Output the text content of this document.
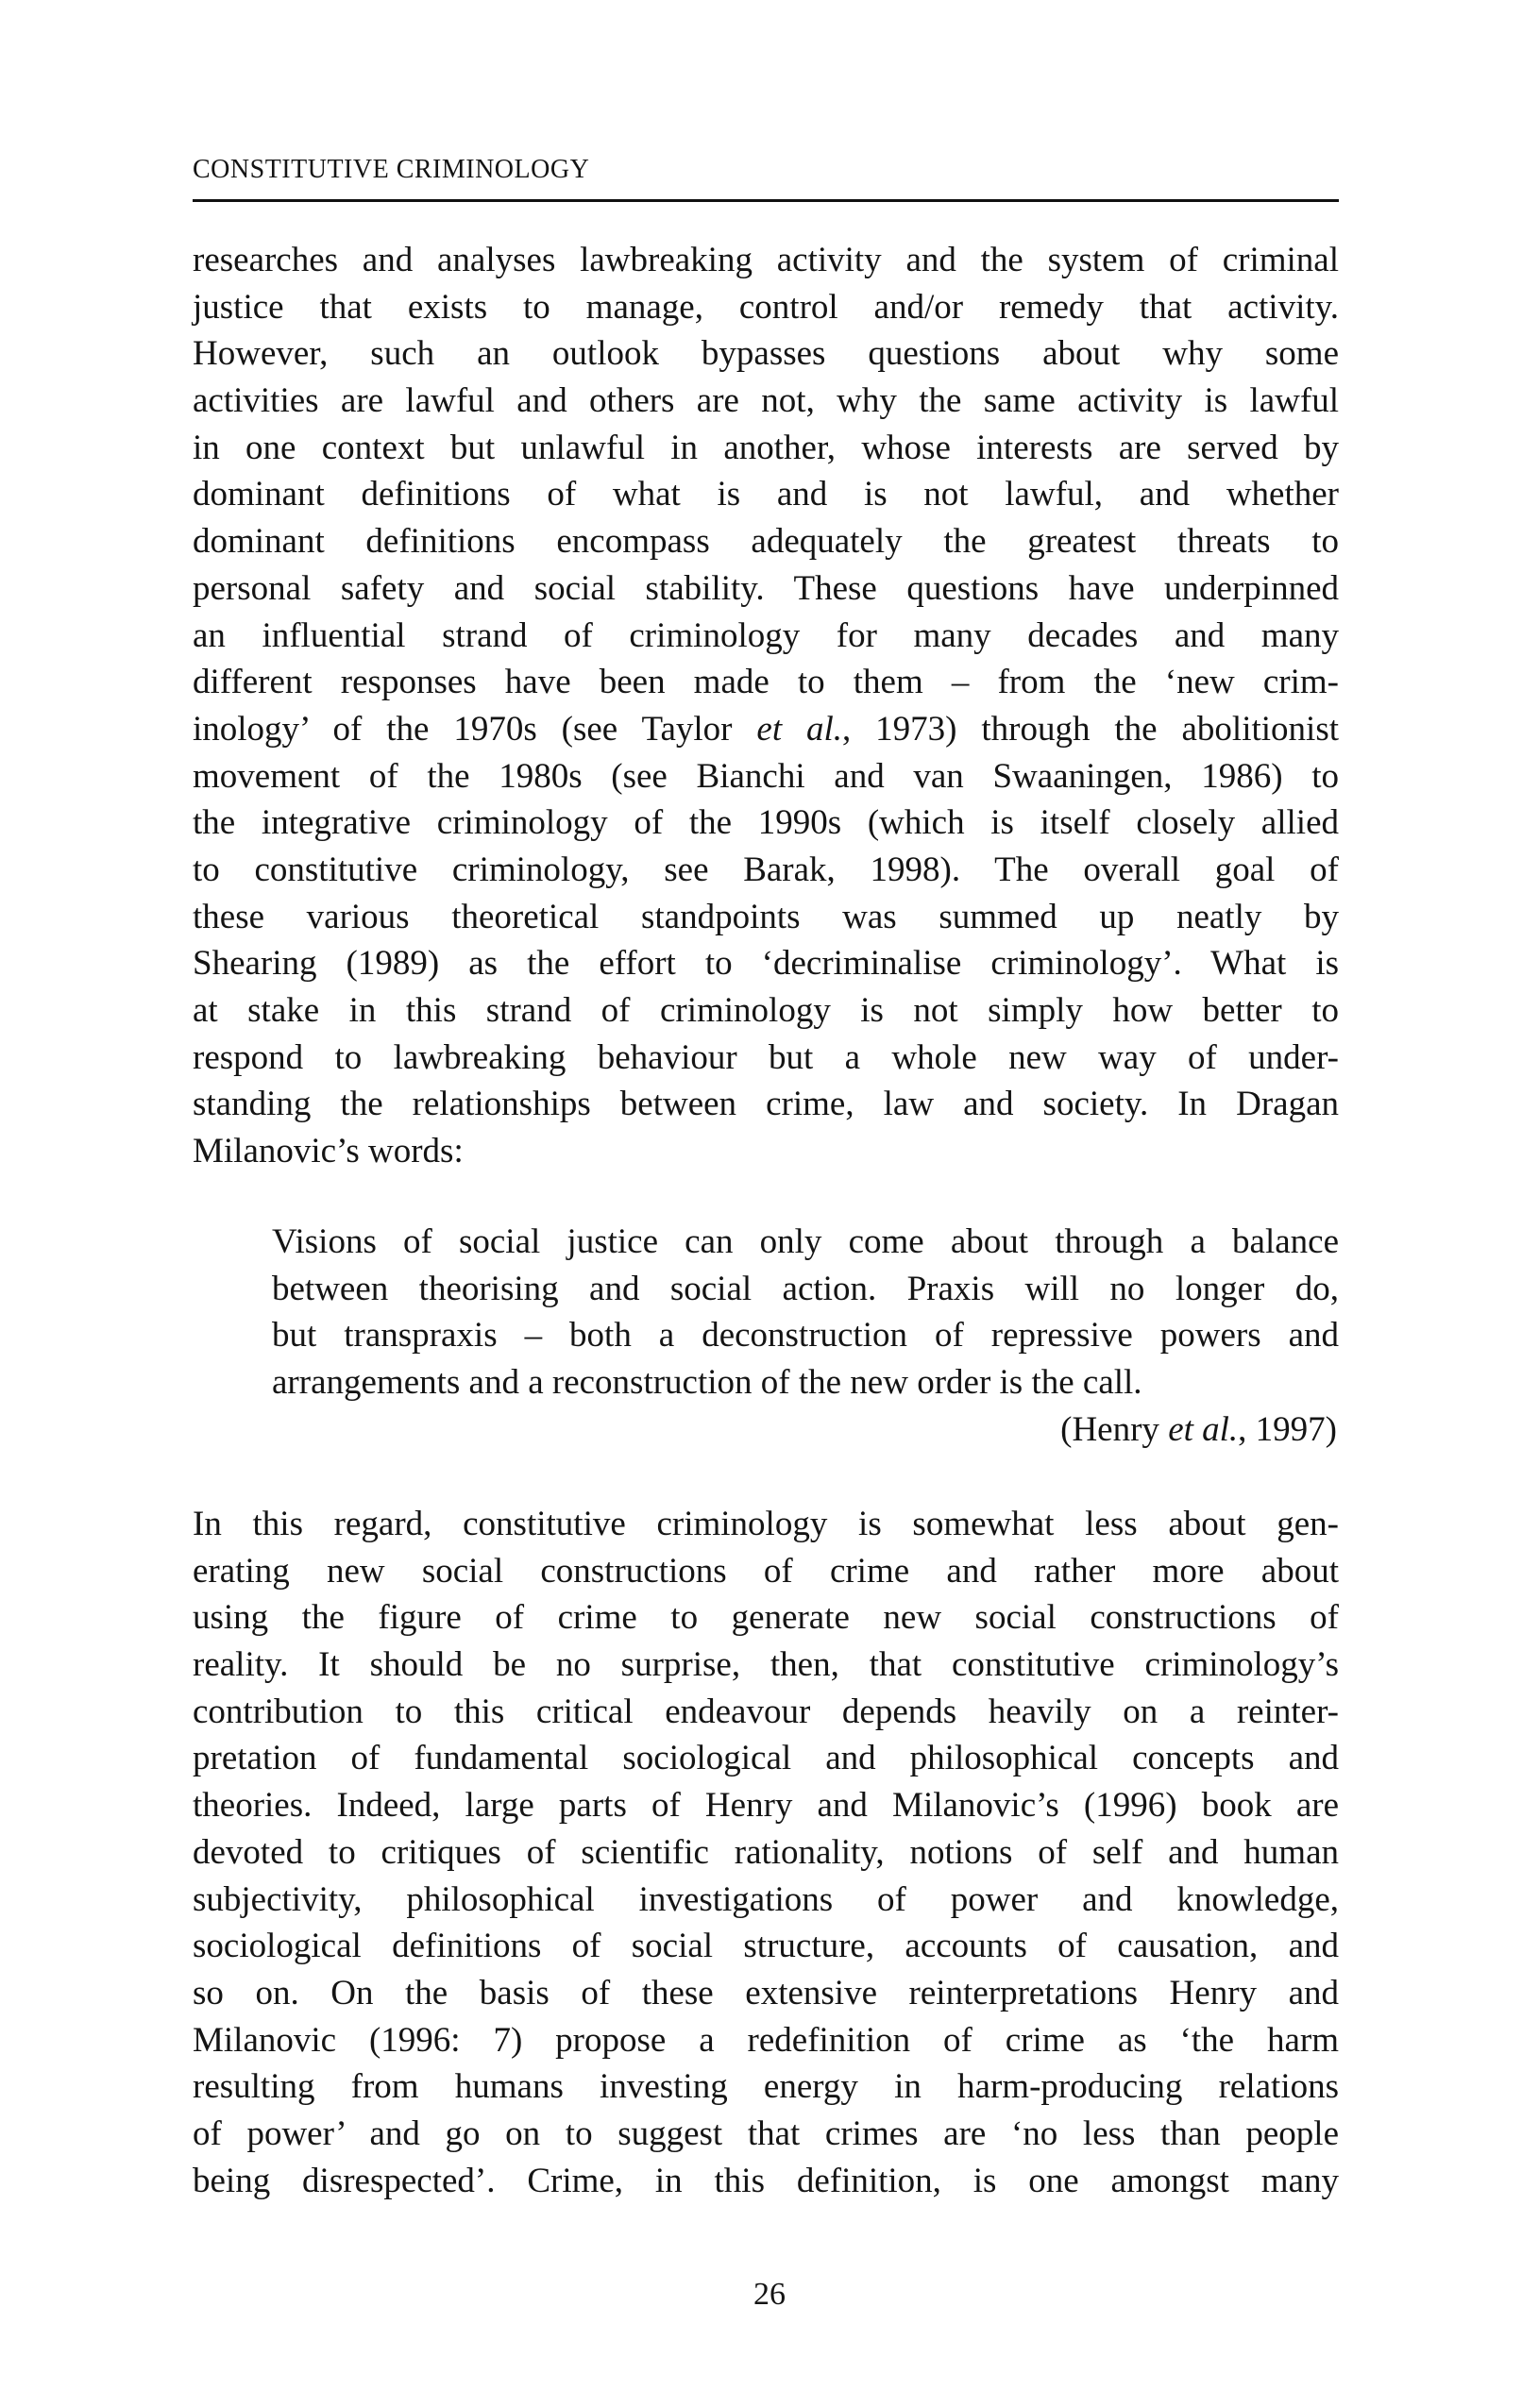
CONSTITUTIVE CRIMINOLOGY
researches and analyses lawbreaking activity and the system of criminal
justice that exists to manage, control and/or remedy that activity.
However, such an outlook bypasses questions about why some
activities are lawful and others are not, why the same activity is lawful
in one context but unlawful in another, whose interests are served by
dominant definitions of what is and is not lawful, and whether
dominant definitions encompass adequately the greatest threats to
personal safety and social stability. These questions have underpinned
an influential strand of criminology for many decades and many
different responses have been made to them – from the ‘new crim-
inology’ of the 1970s (see Taylor et al., 1973) through the abolitionist
movement of the 1980s (see Bianchi and van Swaaningen, 1986) to
the integrative criminology of the 1990s (which is itself closely allied
to constitutive criminology, see Barak, 1998). The overall goal of
these various theoretical standpoints was summed up neatly by
Shearing (1989) as the effort to ‘decriminalise criminology’. What is
at stake in this strand of criminology is not simply how better to
respond to lawbreaking behaviour but a whole new way of under-
standing the relationships between crime, law and society. In Dragan
Milanovic’s words:
Visions of social justice can only come about through a balance
between theorising and social action. Praxis will no longer do,
but transpraxis – both a deconstruction of repressive powers and
arrangements and a reconstruction of the new order is the call.
(Henry et al., 1997)
In this regard, constitutive criminology is somewhat less about gen-
erating new social constructions of crime and rather more about
using the figure of crime to generate new social constructions of
reality. It should be no surprise, then, that constitutive criminology’s
contribution to this critical endeavour depends heavily on a reinter-
pretation of fundamental sociological and philosophical concepts and
theories. Indeed, large parts of Henry and Milanovic’s (1996) book are
devoted to critiques of scientific rationality, notions of self and human
subjectivity, philosophical investigations of power and knowledge,
sociological definitions of social structure, accounts of causation, and
so on. On the basis of these extensive reinterpretations Henry and
Milanovic (1996: 7) propose a redefinition of crime as ‘the harm
resulting from humans investing energy in harm-producing relations
of power’ and go on to suggest that crimes are ‘no less than people
being disrespected’. Crime, in this definition, is one amongst many
26
